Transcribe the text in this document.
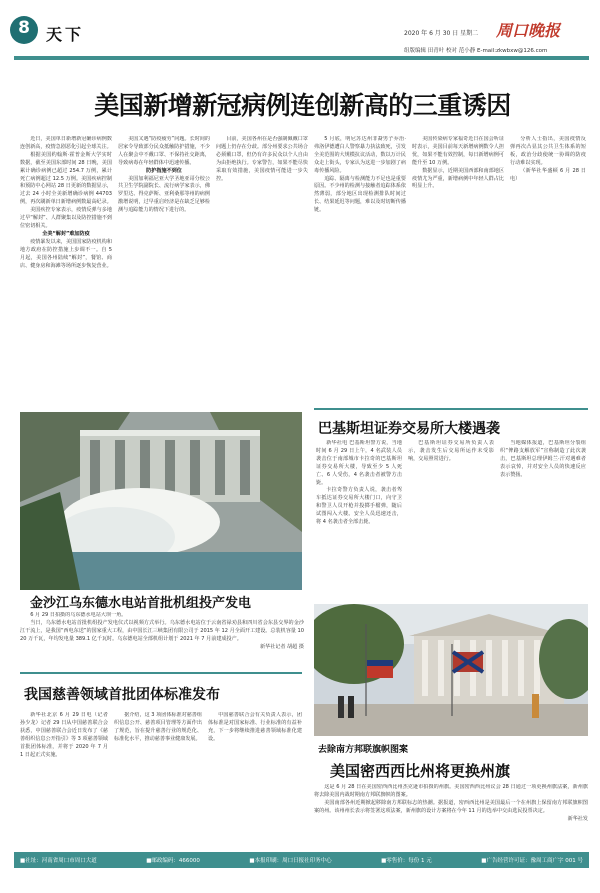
8	天下	2020 年 6 月 30 日 星期二 周口晚报
组版编辑 田青叶 校对 范小静 E-mail:zkwbxw@126.com
美国新增新冠病例连创新高的三重诱因

近日，美国单日新增新冠确诊病例数连创新高，疫情急剧恶化引起全球关注。

根据美国约翰斯·霍普金斯大学实时数据，截至美国东部时间 28 日晚，美国累计确诊病例已超过 254.7 万例，累计死亡病例超过 12.5 万例。美国疾病控制和预防中心网站 28 日更新的数据显示，过去 24 小时全美新增确诊病例 44703 例，再次刷新单日新增病例数最高纪录。

美国疾控专家表示，疫情反弹与多地过早“解封”、人群聚集以及防控措施不到位密切相关。

全美“解封”难加防疫

疫情暴发以来，美国国家防疫机构和地方政府在防控措施上步调不一。自 5 月起，美国各州陆续“解封”，餐馆、商店、健身房和海滩等场所逐步恢复营业。

美国又遇“防疫疲劳”问题。长时间的居家令导致部分民众抵触防护措施，不少人在聚会中不戴口罩、不保持社交距离，导致病毒在年轻群体中迅速传播。

防护指施不到位

美国加利福尼亚大学圣地亚哥分校公共卫生学院副院长、流行病学家表示，佛罗里达、得克萨斯、亚利桑那等州的病例激增说明，过早重启经济是在缺乏足够检测与追踪能力的情况下进行的。

目前，美国各州在是否强制佩戴口罩问题上仍存在分歧。部分州要求公共场合必须戴口罩，但仍有许多民众以个人自由为由拒绝执行。专家警告，如果不能尽快采取有效措施，美国疫情可能进一步失控。

5 月底，明尼苏达州非裔男子乔治·弗洛伊德遭白人警察暴力执法致死，引发全美范围的大规模抗议活动，数以万计民众走上街头，专家认为这进一步加剧了病毒传播风险。

追踪、隔离与检测能力不足也是重要原因。不少州的检测与接触者追踪体系依然薄弱，部分地区出现检测排队时间过长、结果延迟等问题，难以及时切断传播链。

美国传染病专家福奇近日在国会听证时表示，美国目前每天新增病例数令人担忧，如果不能有效控制，每日新增病例可能升至 10 万例。

数据显示，近期美国西部和南部地区疫情尤为严重，新增病例中年轻人群占比明显上升。

分析人士指出，美国疫情反弹再次凸显其公共卫生体系的短板，政治分歧使统一协调的防疫行动难以实现。

（新华社华盛顿 6 月 28 日电）

金沙江乌东德水电站首批机组投产发电

6 月 29 日拍摄的乌东德水电站大坝一角。

当日，乌东德水电站首批机组投产发电仪式以视频方式举行。乌东德水电站位于云南省禄劝县和四川省会东县交界的金沙江干流上，是我国“西电东送”的国家重大工程，由中国长江三峡集团有限公司于 2015 年 12 月全面开工建设。总装机容量 1020 万千瓦，年均发电量 389.1 亿千瓦时。乌东德电站全部机组计划于 2021 年 7 月前建成投产。

新华社记者 胡超 摄

巴基斯坦证券交易所大楼遇袭

新华社电 巴基斯坦警方说，当地时间 6 月 29 日上午，4 名武装人员袭击位于南部城市卡拉奇的巴基斯坦证券交易所大楼，导致至少 5 人死亡、6 人受伤，4 名袭击者被警方击毙。

卡拉奇警方负责人说，袭击者驾车抵达证券交易所大楼门口，向守卫和警卫人员开枪并投掷手榴弹，随后试图闯入大楼。安全人员迅速还击，将 4 名袭击者全部击毙。

巴基斯坦证券交易所负责人表示，袭击发生后交易所运作未受影响，交易照常进行。

当地媒体报道，巴基斯坦分裂组织“俾路支解放军”宣称制造了此次袭击，巴基斯坦总理伊姆兰·汗对遇难者表示哀悼，并对安全人员的快速反应表示赞扬。

去除南方邦联旗帜图案
美国密西西比州将更换州旗

这是 6 月 28 日在美国密西西比州杰克逊市拍摄的州旗。美国密西西比州议会 28 日通过一项更换州旗法案，新州旗将去除美国内战时期南方邦联旗帜的图案。

美国南部各州近期掀起移除南方邦联标志的热潮。据报道，密西西比州是美国最后一个在州旗上保留南方邦联旗帜图案的州。该州州长表示将签署这项法案，新州旗的设计方案将在今年 11 月的选举中交由选民投票决定。

新华社发

我国慈善领域首批团体标准发布

新华社北京 6 月 29 日电（记者 孙少龙）记者 29 日从中国慈善联合会获悉，中国慈善联合会近日发布了《慈善组织信息公开指引》等 3 项慈善领域首批团体标准，并将于 2020 年 7 月 1 日起正式实施。

据介绍，这 3 项团体标准对慈善组织信息公开、慈善项目管理等方面作出了规范，旨在提升慈善行业的规范化、标准化水平，推动慈善事业健康发展。

中国慈善联合会有关负责人表示，团体标准是对国家标准、行业标准的有益补充，下一步将继续推进慈善领域标准化建设。

■社址：河南省周口市周口大道	■邮政编码：466000	■本报印刷：周口日报社印务中心	■零售价：每份 1 元	■广告经营许可证：豫周工商广字 001 号
